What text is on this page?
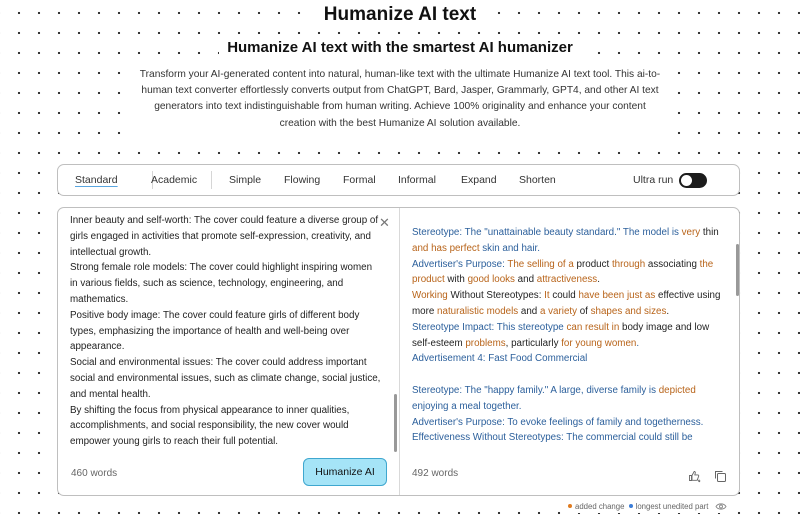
Humanize AI text
Humanize AI text with the smartest AI humanizer
Transform your AI-generated content into natural, human-like text with the ultimate Humanize AI text tool. This ai-to-human text converter effortlessly converts output from ChatGPT, Bard, Jasper, Grammarly, GPT4, and other AI text generators into text indistinguishable from human writing. Achieve 100% originality and enhance your content creation with the best Humanize AI solution available.
Standard	Academic	Simple Flowing Formal Informal Expand Shorten	Ultra run
Inner beauty and self-worth: The cover could feature a diverse group of
girls engaged in activities that promote self-expression, creativity, and
intellectual growth.
Strong female role models: The cover could highlight inspiring women
in various fields, such as science, technology, engineering, and
mathematics.
Positive body image: The cover could feature girls of different body
types, emphasizing the importance of health and well-being over
appearance.
Social and environmental issues: The cover could address important
social and environmental issues, such as climate change, social justice,
and mental health.
By shifting the focus from physical appearance to inner qualities,
accomplishments, and social responsibility, the new cover would
empower young girls to reach their full potential.
✕
460 words	Humanize AI

Stereotype: The "unattainable beauty standard." The model is very thin

and has perfect skin and hair.

Advertiser's Purpose: The selling of a product through associating the

product with good looks and attractiveness.

Working Without Stereotypes: It could have been just as effective using

more naturalistic models and a variety of shapes and sizes.

Stereotype Impact: This stereotype can result in body image and low

self-esteem problems, particularly for young women.

Advertisement 4: Fast Food Commercial

Stereotype: The "happy family." A large, diverse family is depicted

enjoying a meal together.

Advertiser's Purpose: To evoke feelings of family and togetherness.

Effectiveness Without Stereotypes: The commercial could still be

492 words
added change longest unedited part
